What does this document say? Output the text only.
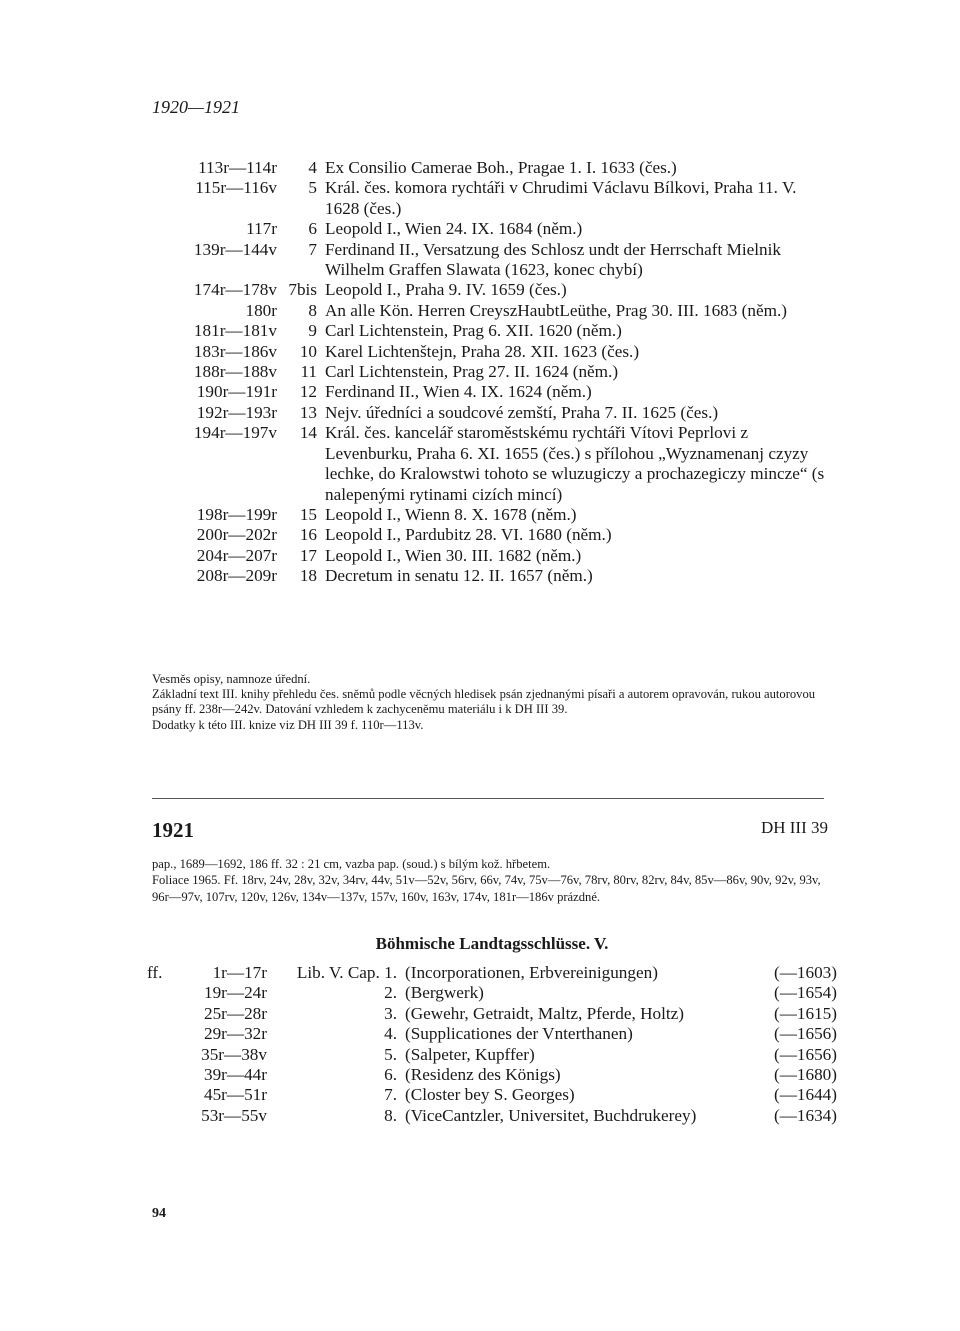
1920—1921
113r—114r	4 Ex Consilio Camerae Boh., Pragae 1. I. 1633 (čes.)
115r—116v	5 Král. čes. komora rychtáři v Chrudimi Václavu Bílkovi, Praha 11. V. 1628 (čes.)
117r	6 Leopold I., Wien 24. IX. 1684 (něm.)
139r—144v	7 Ferdinand II., Versatzung des Schlosz undt der Herrschaft Mielnik Wilhelm Graffen Slawata (1623, konec chybí)
174r—178v 7bis Leopold I., Praha 9. IV. 1659 (čes.)
180r	8 An alle Kön. Herren CreyszHaubtLeüthe, Prag 30. III. 1683 (něm.)
181r—181v	9 Carl Lichtenstein, Prag 6. XII. 1620 (něm.)
183r—186v	10 Karel Lichtenštejn, Praha 28. XII. 1623 (čes.)
188r—188v	11 Carl Lichtenstein, Prag 27. II. 1624 (něm.)
190r—191r	12 Ferdinand II., Wien 4. IX. 1624 (něm.)
192r—193r	13 Nejv. úředníci a soudcové zemští, Praha 7. II. 1625 (čes.)
194r—197v	14 Král. čes. kancelář staroměstskému rychtáři Vítovi Peprlovi z Levenburku, Praha 6. XI. 1655 (čes.) s přílohou „Wyznamenanj czyzy lechke, do Kralowstwi tohoto se wluzugiczy a prochazegiczy mincze“ (s nalepenými rytinami cizích mincí)
198r—199r	15 Leopold I., Wienn 8. X. 1678 (něm.)
200r—202r	16 Leopold I., Pardubitz 28. VI. 1680 (něm.)
204r—207r	17 Leopold I., Wien 30. III. 1682 (něm.)
208r—209r	18 Decretum in senatu 12. II. 1657 (něm.)

Vesměs opisy, namnoze úřední.

Základní text III. knihy přehledu čes. sněmů podle věcných hledisek psán zjednanými písaři a autorem opravován, rukou autorovou psány ff. 238r—242v. Datování vzhledem k zachyceněmu materiálu i k DH III 39.

Dodatky k této III. knize viz DH III 39 f. 110r—113v.

1921	DH III 39

pap., 1689—1692, 186 ff. 32 : 21 cm, vazba pap. (soud.) s bílým kož. hřbetem.

Foliace 1965. Ff. 18rv, 24v, 28v, 32v, 34rv, 44v, 51v—52v, 56rv, 66v, 74v, 75v—76v, 78rv, 80rv, 82rv, 84v, 85v—86v, 90v, 92v, 93v, 96r—97v, 107rv, 120v, 126v, 134v—137v, 157v, 160v, 163v, 174v, 181r—186v prázdné.

Böhmische Landtagsschlüsse. V.
ff.	1r—17r	Lib. V. Cap. 1. (Incorporationen, Erbvereinigungen)	(—1603)
19r—24r	2. (Bergwerk)	(—1654)
25r—28r	3. (Gewehr, Getraidt, Maltz, Pferde, Holtz)	(—1615)
29r—32r	4. (Supplicationes der Vnterthanen)	(—1656)
35r—38v	5. (Salpeter, Kupffer)	(—1656)
39r—44r	6. (Residenz des Königs)	(—1680)
45r—51r	7. (Closter bey S. Georges)	(—1644)
53r—55v	8. (ViceCantzler, Universitet, Buchdrukerey)	(—1634)
94
